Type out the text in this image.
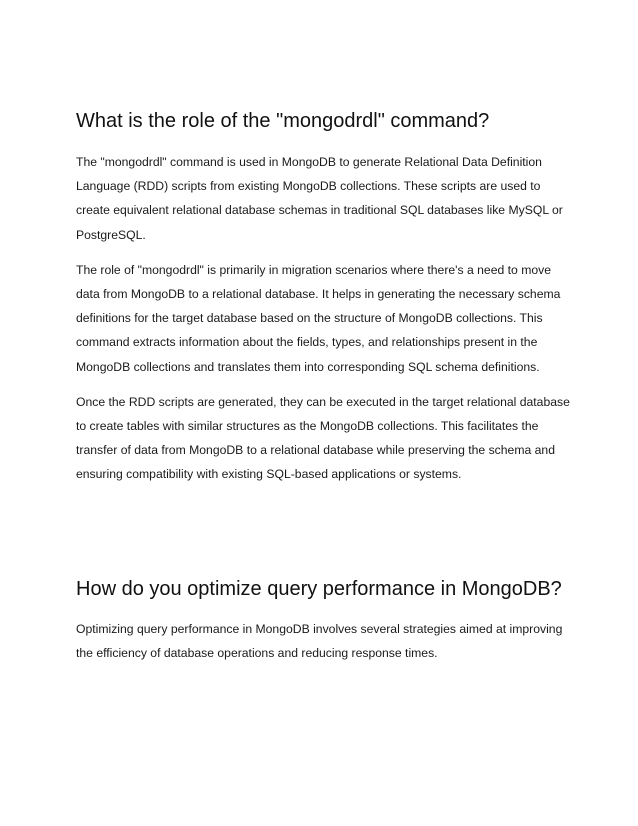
What is the role of the "mongodrdl" command?

The "mongodrdl" command is used in MongoDB to generate Relational Data Definition Language (RDD) scripts from existing MongoDB collections. These scripts are used to create equivalent relational database schemas in traditional SQL databases like MySQL or PostgreSQL.

The role of "mongodrdl" is primarily in migration scenarios where there's a need to move data from MongoDB to a relational database. It helps in generating the necessary schema definitions for the target database based on the structure of MongoDB collections. This command extracts information about the fields, types, and relationships present in the MongoDB collections and translates them into corresponding SQL schema definitions.

Once the RDD scripts are generated, they can be executed in the target relational database to create tables with similar structures as the MongoDB collections. This facilitates the transfer of data from MongoDB to a relational database while preserving the schema and ensuring compatibility with existing SQL-based applications or systems.

How do you optimize query performance in MongoDB?

Optimizing query performance in MongoDB involves several strategies aimed at improving the efficiency of database operations and reducing response times.
